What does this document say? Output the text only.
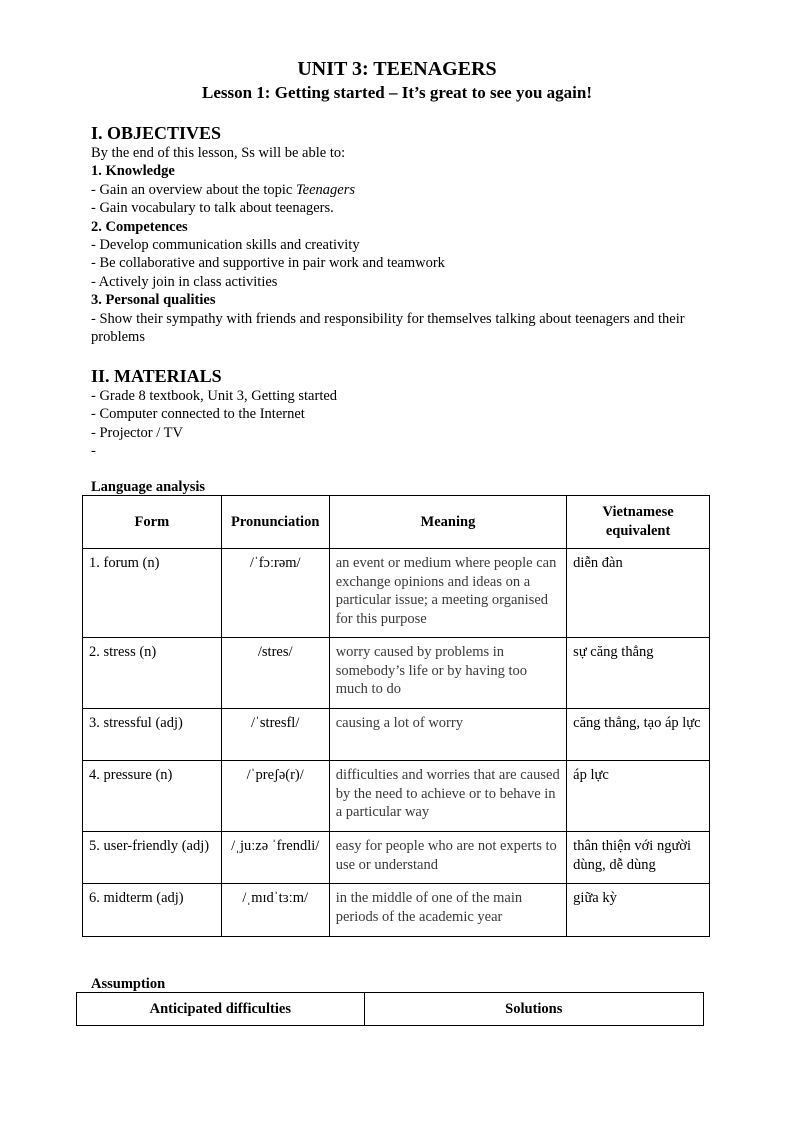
UNIT 3: TEENAGERS
Lesson 1: Getting started – It’s great to see you again!

I. OBJECTIVES

By the end of this lesson, Ss will be able to:

1. Knowledge

- Gain an overview about the topic Teenagers

- Gain vocabulary to talk about teenagers.

2. Competences

- Develop communication skills and creativity

- Be collaborative and supportive in pair work and teamwork

- Actively join in class activities

3. Personal qualities

- Show their sympathy with friends and responsibility for themselves talking about teenagers and their problems

II. MATERIALS

- Grade 8 textbook, Unit 3, Getting started

- Computer connected to the Internet

- Projector / TV

-

Language analysis
Form	Pronunciation	Meaning	Vietnamese equivalent
1. forum (n)	/ˈfɔːrəm/	an event or medium where people can exchange opinions and ideas on a particular issue; a meeting organised for this purpose	diễn đàn
2. stress (n)	/stres/	worry caused by problems in somebody’s life or by having too much to do	sự căng thẳng
3. stressful (adj)	/ˈstresfl/	causing a lot of worry	căng thẳng, tạo áp lực
4. pressure (n)	/ˈpreʃə(r)/	difficulties and worries that are caused by the need to achieve or to behave in a particular way	áp lực
5. user-friendly (adj)	/ˌjuːzə ˈfrendli/	easy for people who are not experts to use or understand	thân thiện với người dùng, dễ dùng
6. midterm (adj)	/ˌmɪdˈtɜːm/	in the middle of one of the main periods of the academic year	giữa kỳ
Assumption
Anticipated difficulties	Solutions
